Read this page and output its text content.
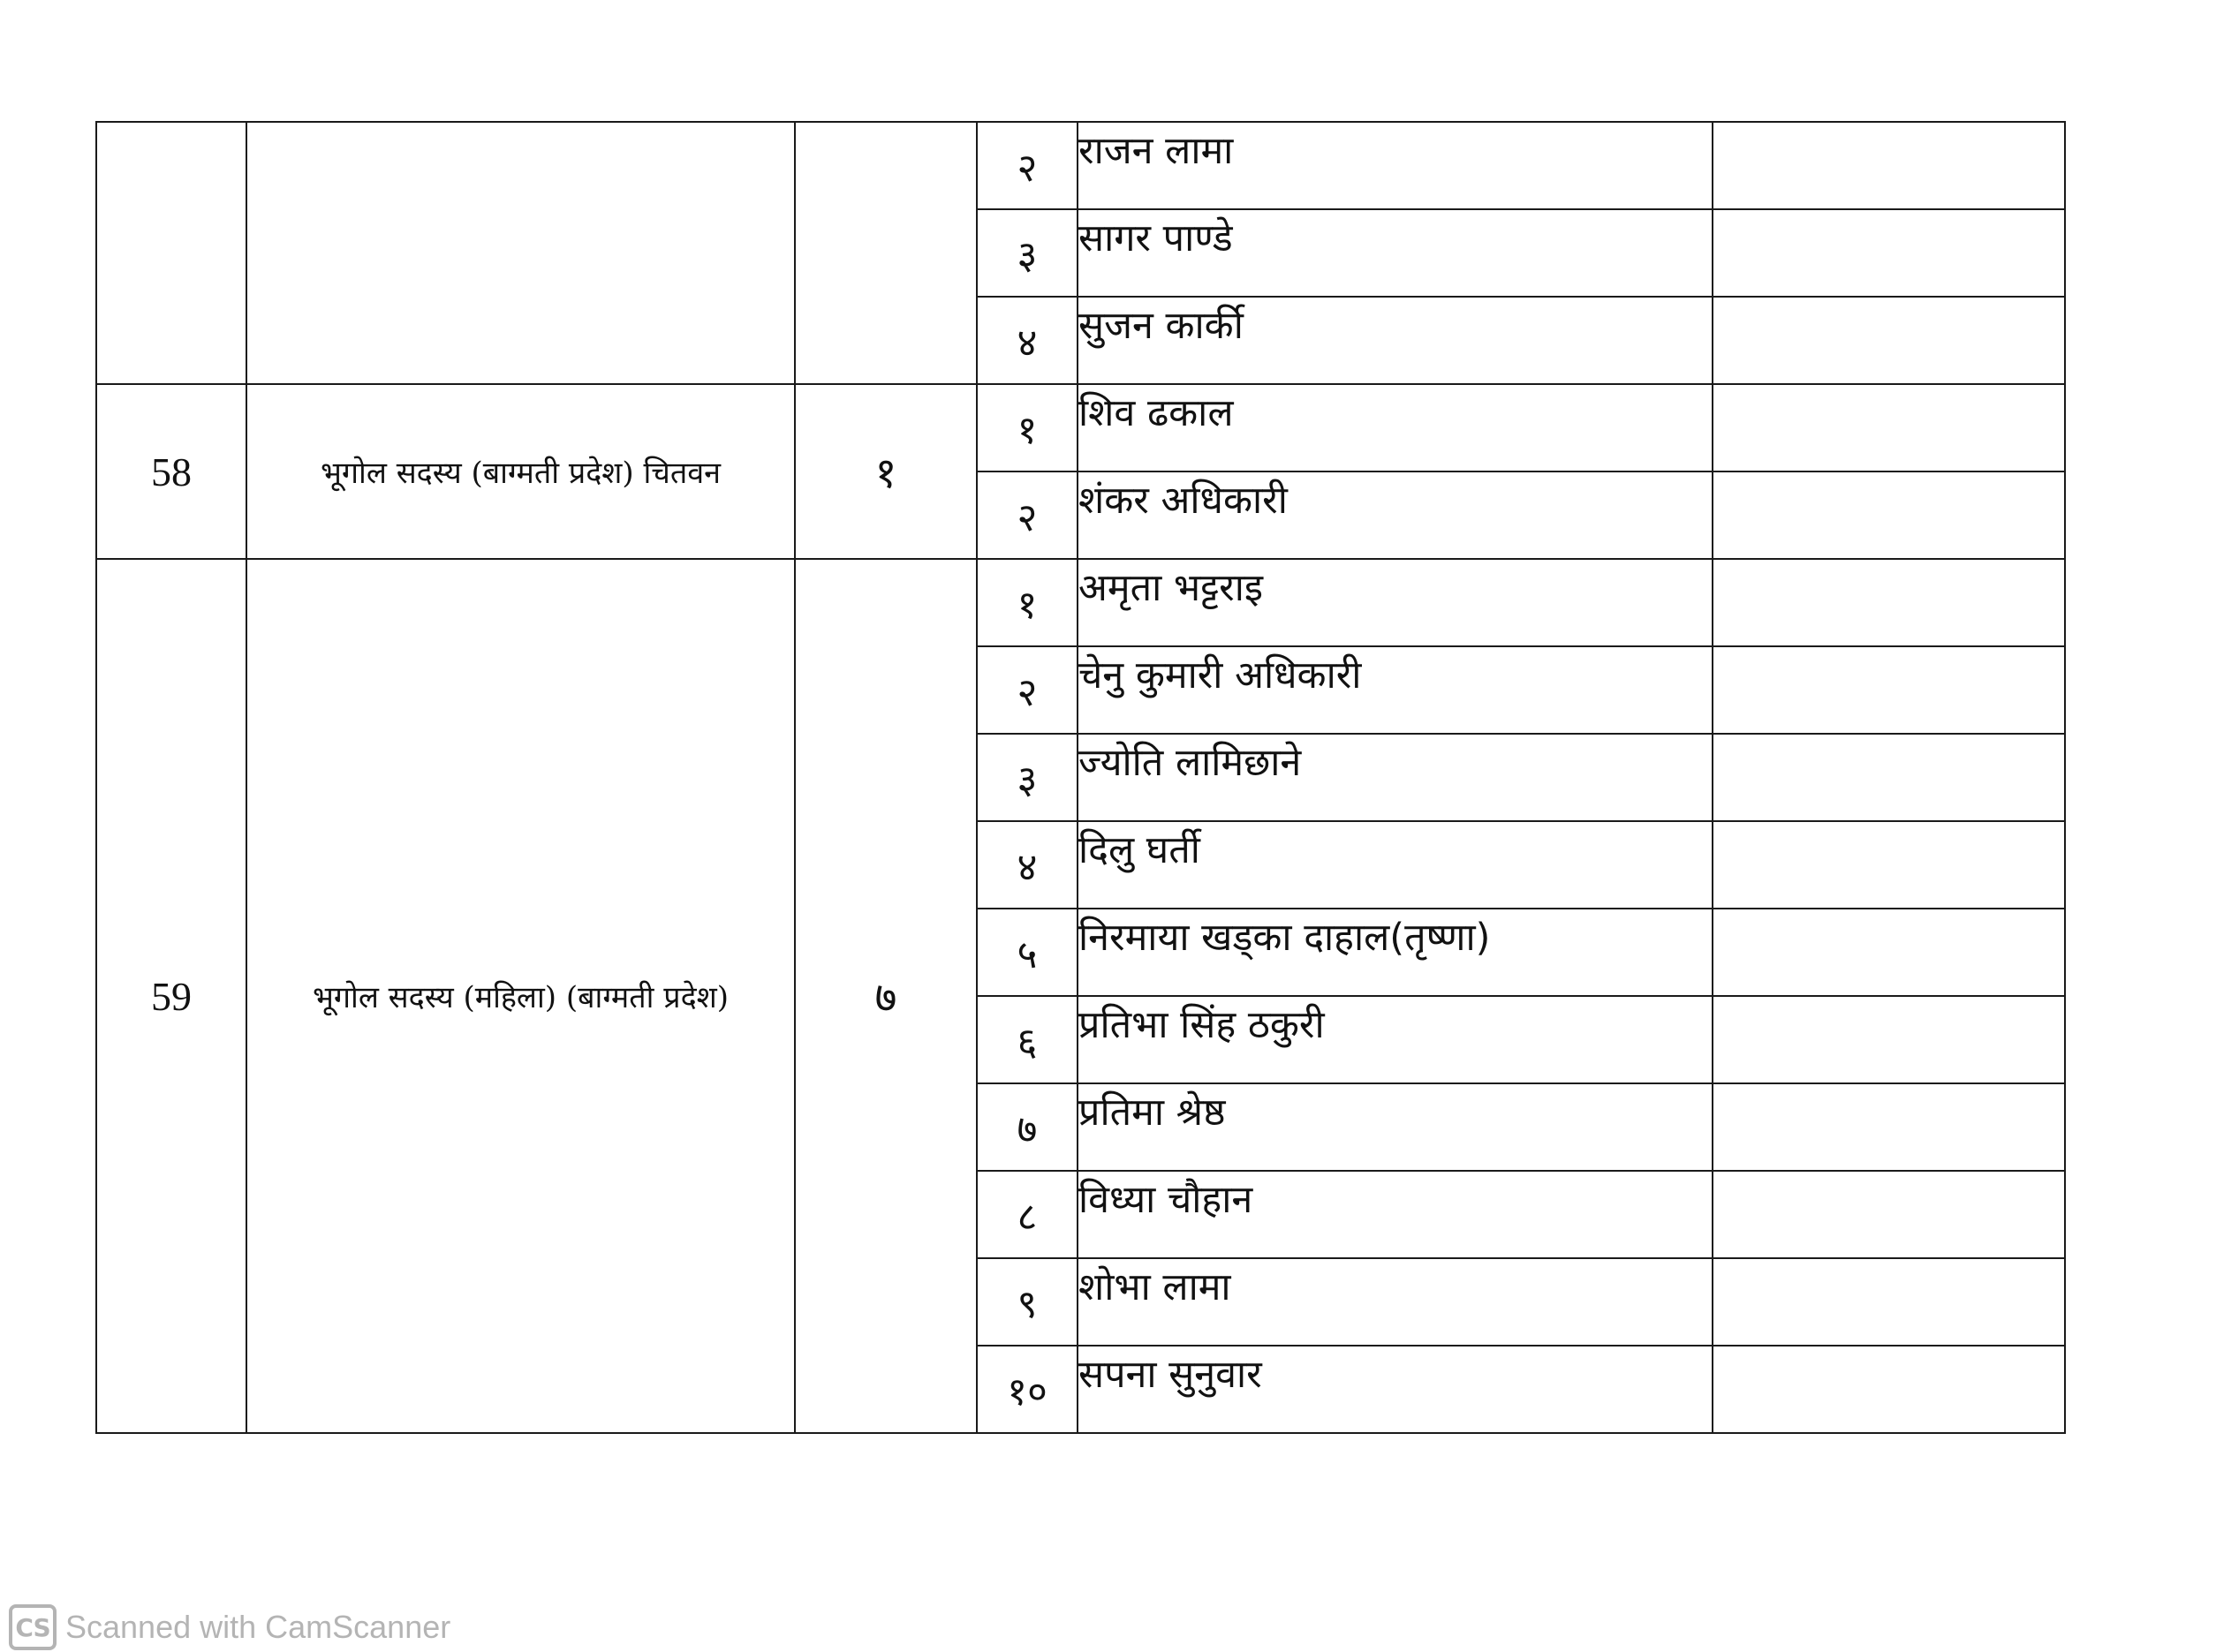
			२	राजन लामा	
			३	सागर पाण्डे	
			४	सुजन कार्की	
58	भूगोल सदस्य (बाग्मती प्रदेश) चितवन	१	१	शिव ढकाल	
			२	शंकर अधिकारी	
59	भूगोल सदस्य (महिला) (बाग्मती प्रदेश)	७	१	अमृता भट्टराइ	
			२	चेनु कुमारी अधिकारी	
			३	ज्योति लामिछाने	
			४	दिलु घर्ती	
			५	निरमाया खड्का दाहाल(तृष्णा)	
			६	प्रतिभा सिंह ठकुरी	
			७	प्रतिमा श्रेष्ठ	
			८	विध्या चौहान	
			९	शोभा लामा	
			१०	सपना सुनुवार	
CS Scanned with CamScanner
